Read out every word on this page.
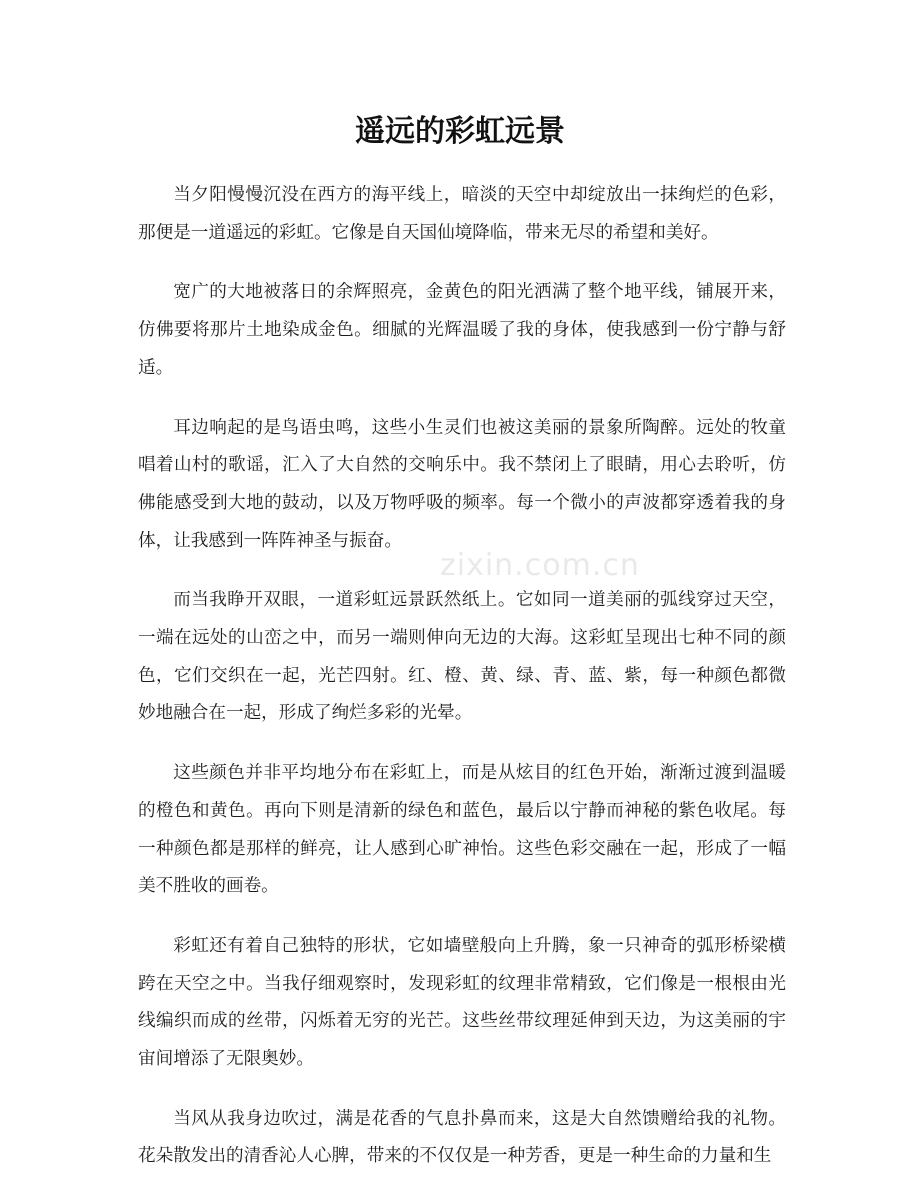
zixin.com.cn
遥远的彩虹远景

当夕阳慢慢沉没在西方的海平线上，暗淡的天空中却绽放出一抹绚烂的色彩，那便是一道遥远的彩虹。它像是自天国仙境降临，带来无尽的希望和美好。

宽广的大地被落日的余辉照亮，金黄色的阳光洒满了整个地平线，铺展开来，仿佛要将那片土地染成金色。细腻的光辉温暖了我的身体，使我感到一份宁静与舒适。

耳边响起的是鸟语虫鸣，这些小生灵们也被这美丽的景象所陶醉。远处的牧童唱着山村的歌谣，汇入了大自然的交响乐中。我不禁闭上了眼睛，用心去聆听，仿佛能感受到大地的鼓动，以及万物呼吸的频率。每一个微小的声波都穿透着我的身体，让我感到一阵阵神圣与振奋。

而当我睁开双眼，一道彩虹远景跃然纸上。它如同一道美丽的弧线穿过天空，一端在远处的山峦之中，而另一端则伸向无边的大海。这彩虹呈现出七种不同的颜色，它们交织在一起，光芒四射。红、橙、黄、绿、青、蓝、紫，每一种颜色都微妙地融合在一起，形成了绚烂多彩的光晕。

这些颜色并非平均地分布在彩虹上，而是从炫目的红色开始，渐渐过渡到温暖的橙色和黄色。再向下则是清新的绿色和蓝色，最后以宁静而神秘的紫色收尾。每一种颜色都是那样的鲜亮，让人感到心旷神怡。这些色彩交融在一起，形成了一幅美不胜收的画卷。

彩虹还有着自己独特的形状，它如墙壁般向上升腾，象一只神奇的弧形桥梁横跨在天空之中。当我仔细观察时，发现彩虹的纹理非常精致，它们像是一根根由光线编织而成的丝带，闪烁着无穷的光芒。这些丝带纹理延伸到天边，为这美丽的宇宙间增添了无限奥妙。

当风从我身边吹过，满是花香的气息扑鼻而来，这是大自然馈赠给我的礼物。花朵散发出的清香沁人心脾，带来的不仅仅是一种芳香，更是一种生命的力量和生
